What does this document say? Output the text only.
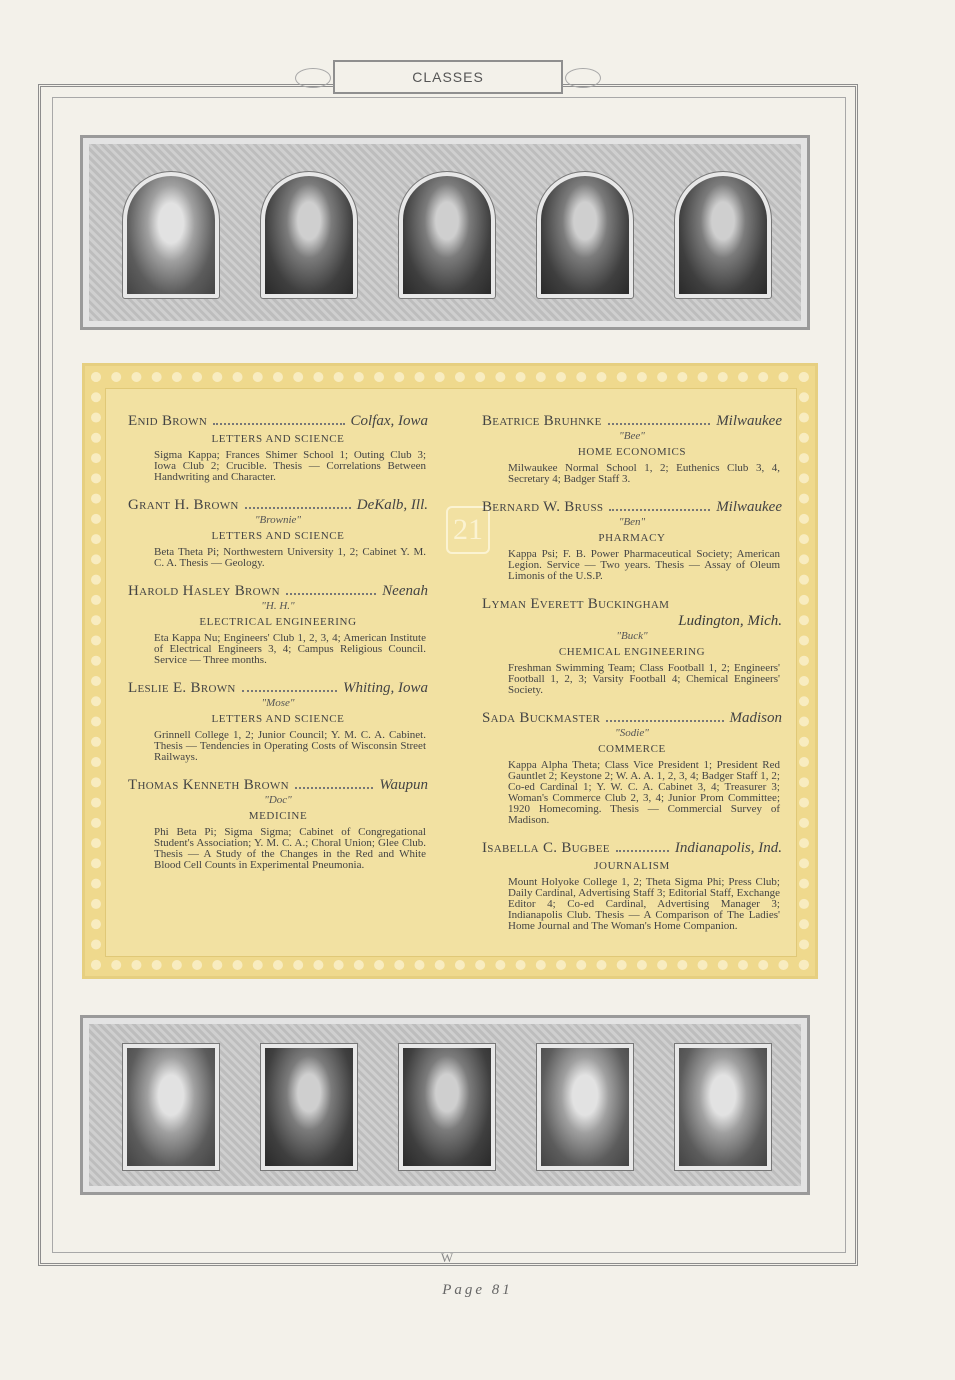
CLASSES
21
Enid Brown	Colfax, Iowa
LETTERS AND SCIENCE
Sigma Kappa; Frances Shimer School 1; Outing Club 3; Iowa Club 2; Crucible. Thesis — Correlations Between Handwriting and Character.
Grant H. Brown	DeKalb, Ill.
"Brownie"
LETTERS AND SCIENCE
Beta Theta Pi; Northwestern University 1, 2; Cabinet Y. M. C. A. Thesis — Geology.
Harold Hasley Brown	Neenah
"H. H."
ELECTRICAL ENGINEERING
Eta Kappa Nu; Engineers' Club 1, 2, 3, 4; American Institute of Electrical Engineers 3, 4; Campus Religious Council. Service — Three months.
Leslie E. Brown	Whiting, Iowa
"Mose"
LETTERS AND SCIENCE
Grinnell College 1, 2; Junior Council; Y. M. C. A. Cabinet. Thesis — Tendencies in Operating Costs of Wisconsin Street Railways.
Thomas Kenneth Brown	Waupun
"Doc"
MEDICINE
Phi Beta Pi; Sigma Sigma; Cabinet of Congregational Student's Association; Y. M. C. A.; Choral Union; Glee Club. Thesis — A Study of the Changes in the Red and White Blood Cell Counts in Experimental Pneumonia.
Beatrice Bruhnke	Milwaukee
"Bee"
HOME ECONOMICS
Milwaukee Normal School 1, 2; Euthenics Club 3, 4, Secretary 4; Badger Staff 3.
Bernard W. Bruss	Milwaukee
"Ben"
PHARMACY
Kappa Psi; F. B. Power Pharmaceutical Society; American Legion. Service — Two years. Thesis — Assay of Oleum Limonis of the U.S.P.
Lyman Everett Buckingham
Ludington, Mich.
"Buck"
CHEMICAL ENGINEERING
Freshman Swimming Team; Class Football 1, 2; Engineers' Football 1, 2, 3; Varsity Football 4; Chemical Engineers' Society.
Sada Buckmaster	Madison
"Sodie"
COMMERCE
Kappa Alpha Theta; Class Vice President 1; President Red Gauntlet 2; Keystone 2; W. A. A. 1, 2, 3, 4; Badger Staff 1, 2; Co-ed Cardinal 1; Y. W. C. A. Cabinet 3, 4; Treasurer 3; Woman's Commerce Club 2, 3, 4; Junior Prom Committee; 1920 Homecoming. Thesis — Commercial Survey of Madison.
Isabella C. Bugbee	Indianapolis, Ind.
JOURNALISM
Mount Holyoke College 1, 2; Theta Sigma Phi; Press Club; Daily Cardinal, Advertising Staff 3; Editorial Staff, Exchange Editor 4; Co-ed Cardinal, Advertising Manager 3; Indianapolis Club. Thesis — A Comparison of The Ladies' Home Journal and The Woman's Home Companion.
W
Page 81
